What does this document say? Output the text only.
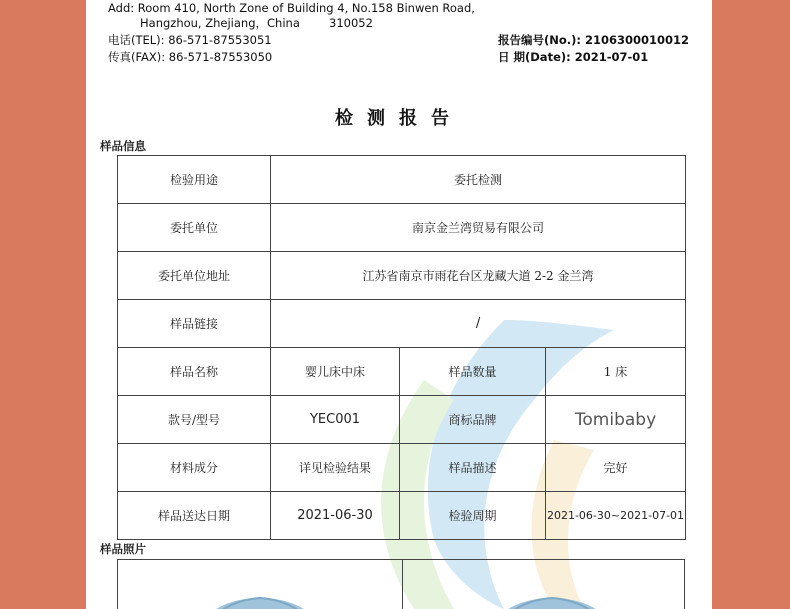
Add: Room 410, North Zone of Building 4, No.158 Binwen Road,
Hangzhou, Zhejiang，China	310052
电话(TEL): 86-571-87553051
传真(FAX): 86-571-87553050
报告编号(No.): 2106300010012
日 期(Date): 2021-07-01
检测报告
样品信息
检验用途	委托检测		
委托单位	南京金兰湾贸易有限公司		
委托单位地址	江苏省南京市雨花台区龙藏大道 2-2 金兰湾		
样品链接	/		
样品名称	婴儿床中床	样品数量	1 床
款号/型号	YEC001	商标品牌	Tomibaby
材料成分	详见检验结果	样品描述	完好
样品送达日期	2021-06-30	检验周期	2021-06-30~2021-07-01
样品照片
